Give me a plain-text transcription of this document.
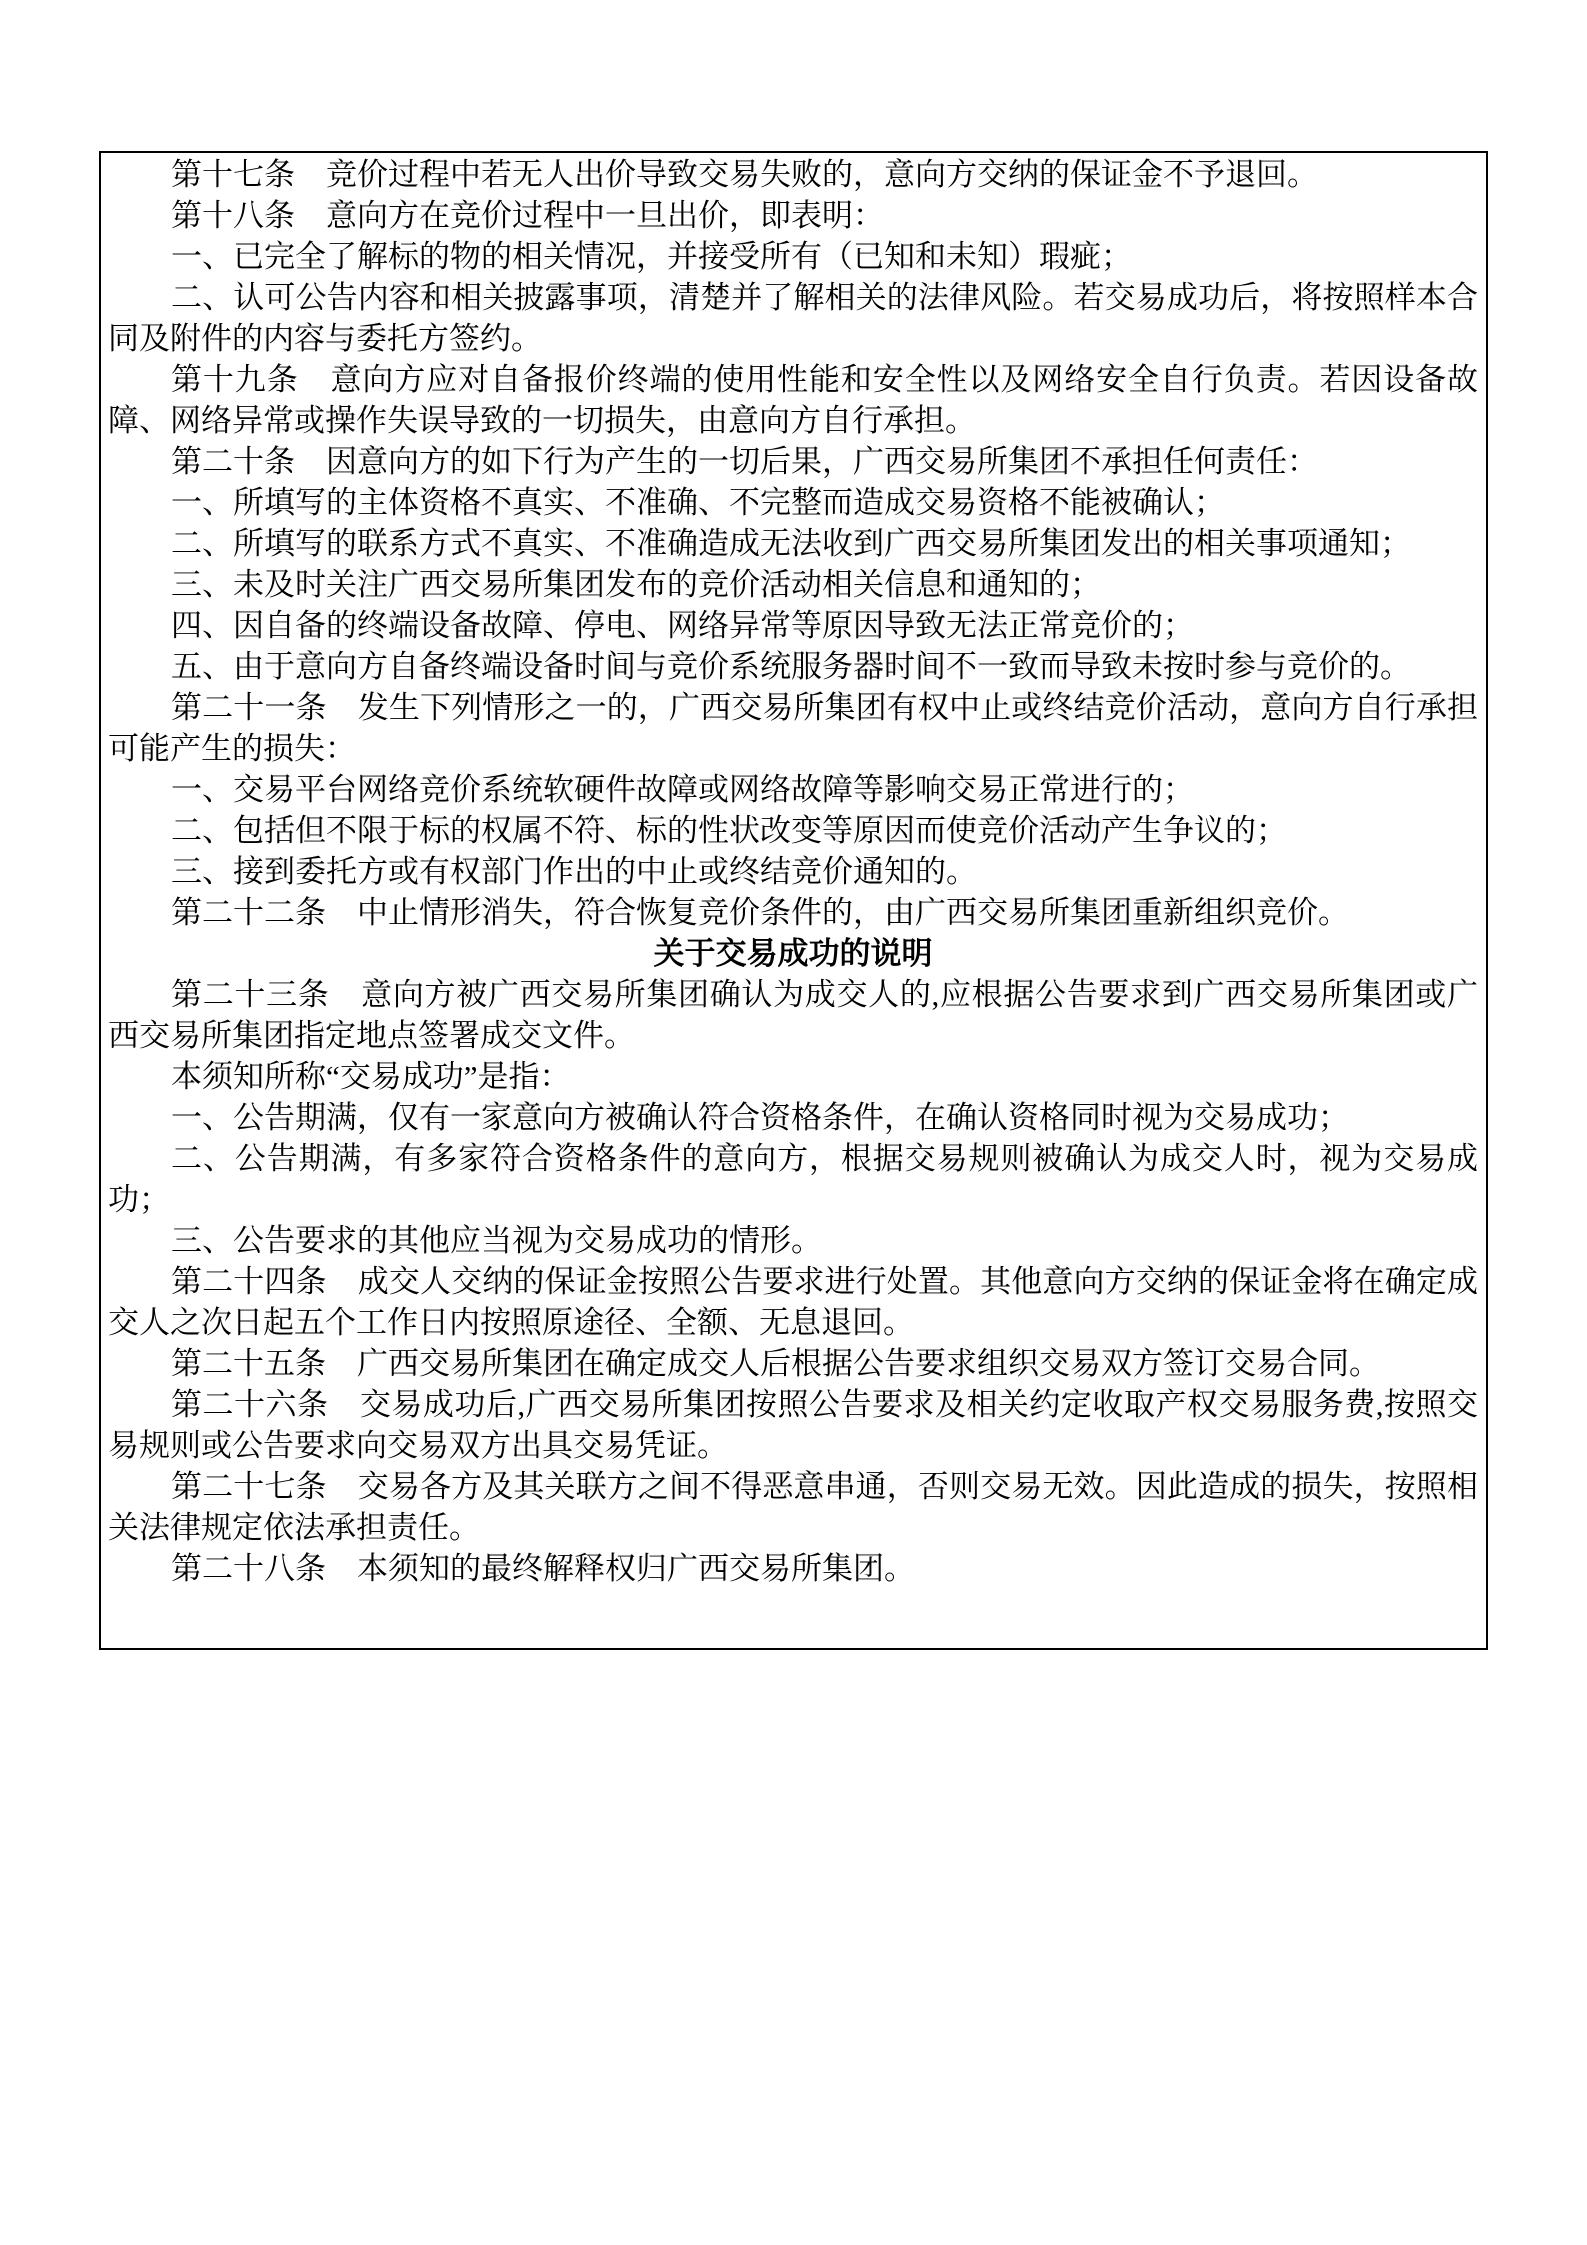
第十七条　竞价过程中若无人出价导致交易失败的，意向方交纳的保证金不予退回。

第十八条　意向方在竞价过程中一旦出价，即表明：

一、已完全了解标的物的相关情况，并接受所有（已知和未知）瑕疵；

二、认可公告内容和相关披露事项，清楚并了解相关的法律风险。若交易成功后，将按照样本合同及附件的内容与委托方签约。

第十九条　意向方应对自备报价终端的使用性能和安全性以及网络安全自行负责。若因设备故障、网络异常或操作失误导致的一切损失，由意向方自行承担。

第二十条　因意向方的如下行为产生的一切后果，广西交易所集团不承担任何责任：

一、所填写的主体资格不真实、不准确、不完整而造成交易资格不能被确认；

二、所填写的联系方式不真实、不准确造成无法收到广西交易所集团发出的相关事项通知；

三、未及时关注广西交易所集团发布的竞价活动相关信息和通知的；

四、因自备的终端设备故障、停电、网络异常等原因导致无法正常竞价的；

五、由于意向方自备终端设备时间与竞价系统服务器时间不一致而导致未按时参与竞价的。

第二十一条　发生下列情形之一的，广西交易所集团有权中止或终结竞价活动，意向方自行承担可能产生的损失：

一、交易平台网络竞价系统软硬件故障或网络故障等影响交易正常进行的；

二、包括但不限于标的权属不符、标的性状改变等原因而使竞价活动产生争议的；

三、接到委托方或有权部门作出的中止或终结竞价通知的。

第二十二条　中止情形消失，符合恢复竞价条件的，由广西交易所集团重新组织竞价。

关于交易成功的说明

第二十三条　意向方被广西交易所集团确认为成交人的,应根据公告要求到广西交易所集团或广西交易所集团指定地点签署成交文件。

本须知所称“交易成功”是指：

一、公告期满，仅有一家意向方被确认符合资格条件，在确认资格同时视为交易成功；

二、公告期满，有多家符合资格条件的意向方，根据交易规则被确认为成交人时，视为交易成功；

三、公告要求的其他应当视为交易成功的情形。

第二十四条　成交人交纳的保证金按照公告要求进行处置。其他意向方交纳的保证金将在确定成交人之次日起五个工作日内按照原途径、全额、无息退回。

第二十五条　广西交易所集团在确定成交人后根据公告要求组织交易双方签订交易合同。

第二十六条　交易成功后,广西交易所集团按照公告要求及相关约定收取产权交易服务费,按照交易规则或公告要求向交易双方出具交易凭证。

第二十七条　交易各方及其关联方之间不得恶意串通，否则交易无效。因此造成的损失，按照相关法律规定依法承担责任。

第二十八条　本须知的最终解释权归广西交易所集团。
